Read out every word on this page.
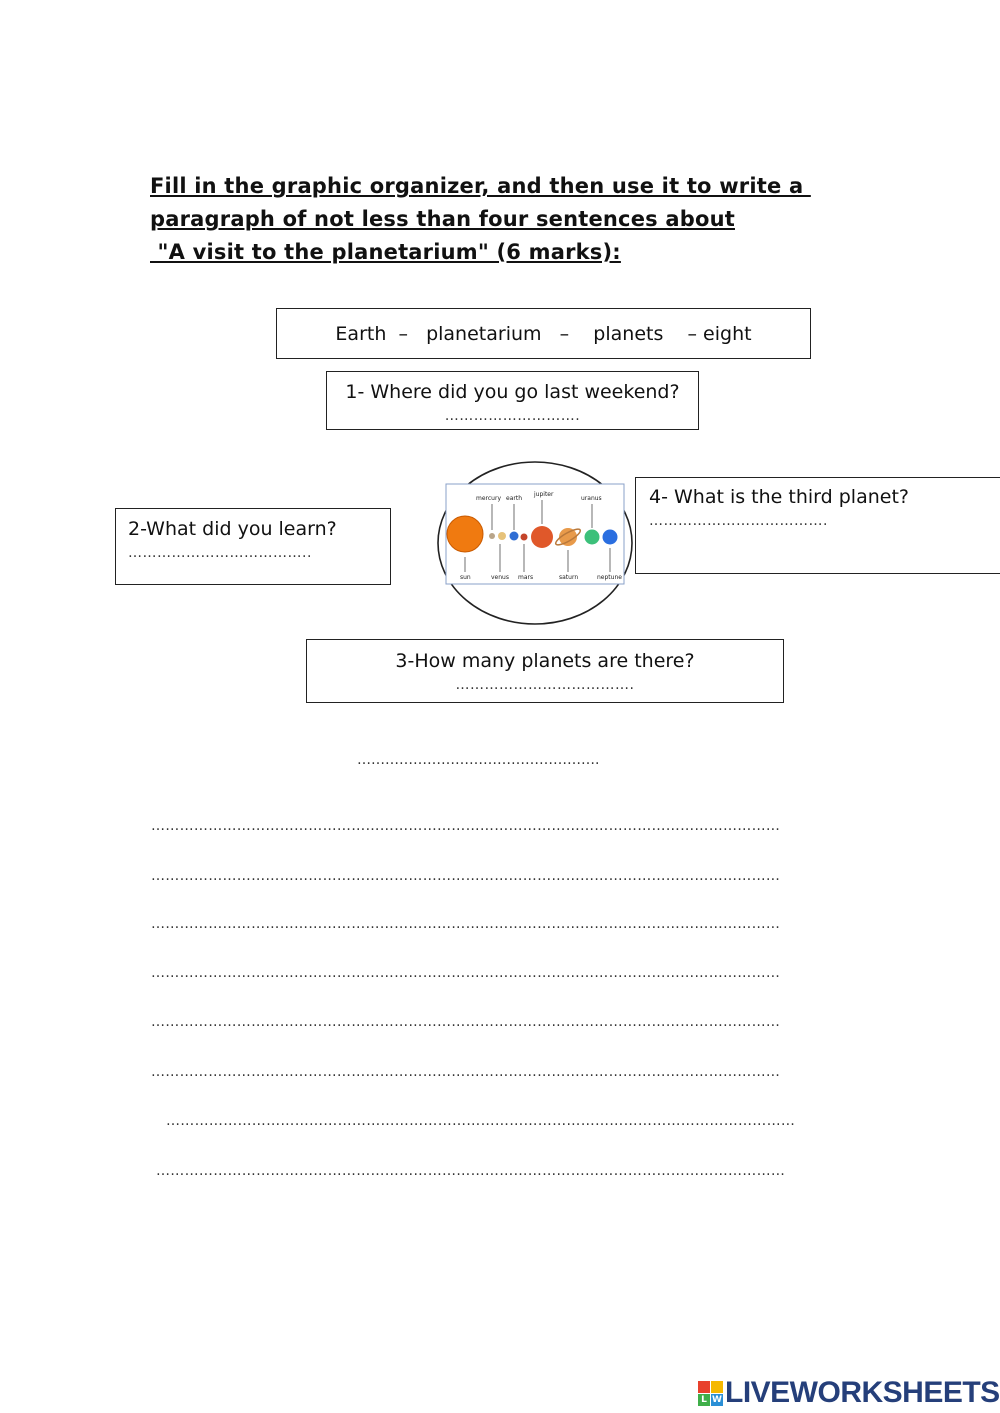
Fill in the graphic organizer, and then use it to write a
paragraph of not less than four sentences about
"A visit to the planetarium" (6 marks):
Earth  –   planetarium   –    planets    – eight
1- Where did you go last weekend?
……………………….
2-What did you learn?
………………………………..
4- What is the third planet?
……………………………….
3-How many planets are there?
……………………………….
mercury earth
jupiter
uranus
sun	venus mars	saturn	neptune
…………………………………………….
……………………………………………………………………………………………………………………
……………………………………………………………………………………………………………………
……………………………………………………………………………………………………………………
……………………………………………………………………………………………………………………
……………………………………………………………………………………………………………………
……………………………………………………………………………………………………………………
……………………………………………………………………………………………………………………
……………………………………………………………………………………………………………………
L W LIVEWORKSHEETS
